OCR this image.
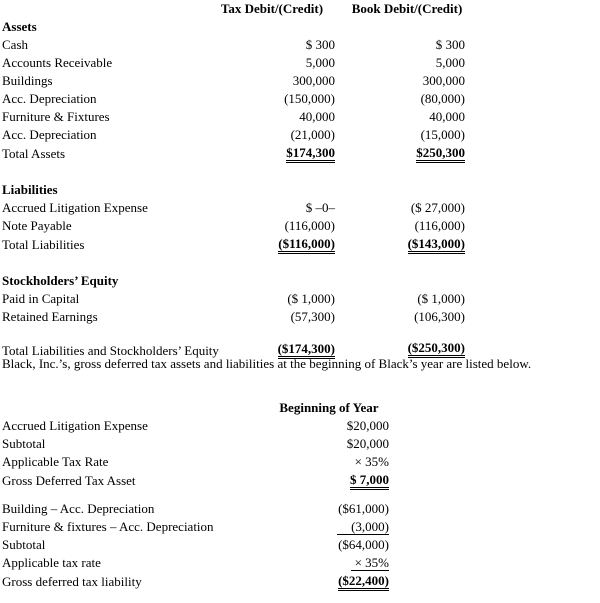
	Tax Debit/(Credit)	Book Debit/(Credit)
Assets		
Cash	$ 300	$ 300
Accounts Receivable	5,000	5,000
Buildings	300,000	300,000
Acc. Depreciation	(150,000)	(80,000)
Furniture & Fixtures	40,000	40,000
Acc. Depreciation	(21,000)	(15,000)
Total Assets	$174,300	$250,300

Liabilities		
Accrued Litigation Expense	$ –0–	($ 27,000)
Note Payable	(116,000)	(116,000)
Total Liabilities	($116,000)	($143,000)

Stockholders’ Equity		
Paid in Capital	($ 1,000)	($ 1,000)
Retained Earnings	(57,300)	(106,300)
Total Liabilities and Stockholders’ Equity	($174,300)	($250,300)
Black, Inc.’s, gross deferred tax assets and liabilities at the beginning of Black’s year are listed below.
	Beginning of Year
Accrued Litigation Expense	$20,000
Subtotal	$20,000
Applicable Tax Rate	× 35%
Gross Deferred Tax Asset	$ 7,000
Building – Acc. Depreciation	($61,000)
Furniture & fixtures – Acc. Depreciation	(3,000)
Subtotal	($64,000)
Applicable tax rate	× 35%
Gross deferred tax liability	($22,400)
